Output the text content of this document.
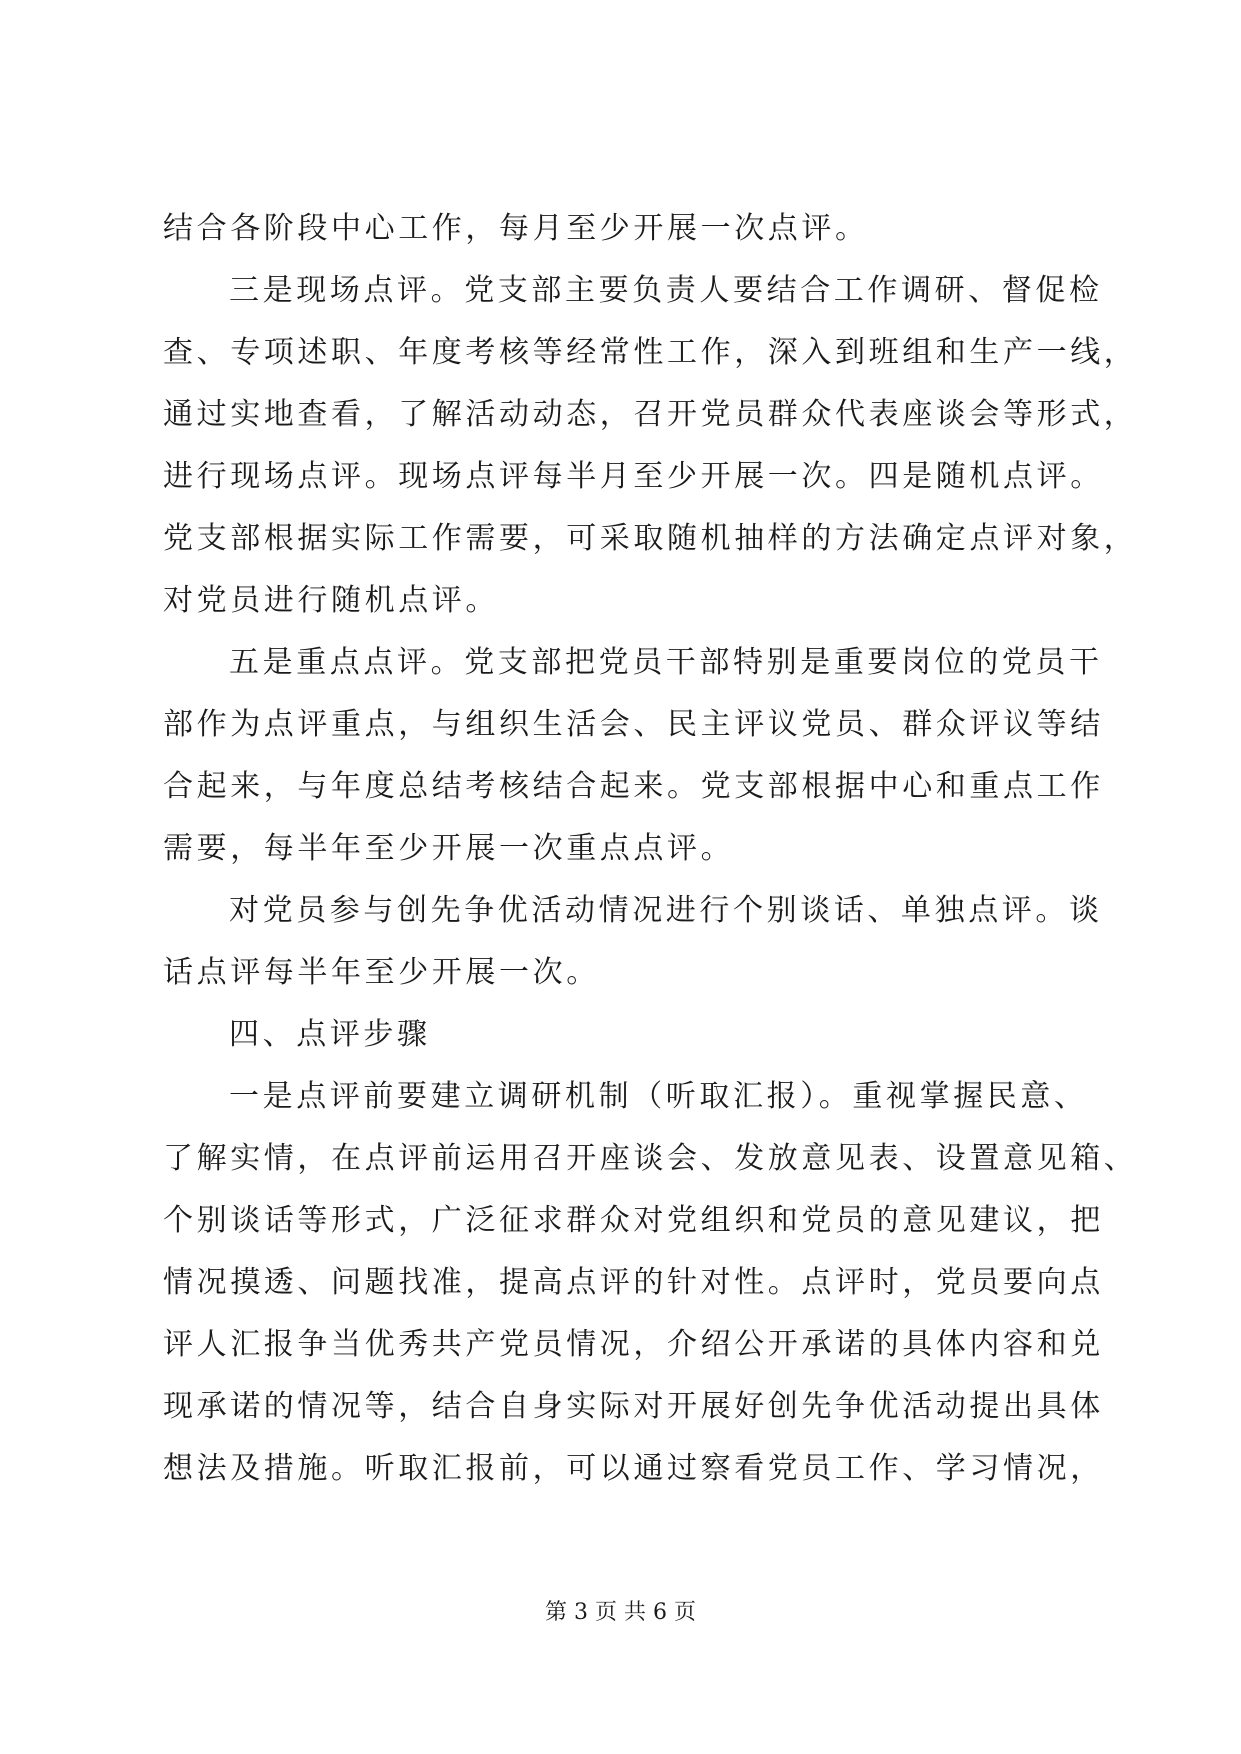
结合各阶段中心工作，每月至少开展一次点评。
三是现场点评。党支部主要负责人要结合工作调研、督促检
查、专项述职、年度考核等经常性工作，深入到班组和生产一线，
通过实地查看，了解活动动态，召开党员群众代表座谈会等形式，
进行现场点评。现场点评每半月至少开展一次。四是随机点评。
党支部根据实际工作需要，可采取随机抽样的方法确定点评对象，
对党员进行随机点评。
五是重点点评。党支部把党员干部特别是重要岗位的党员干
部作为点评重点，与组织生活会、民主评议党员、群众评议等结
合起来，与年度总结考核结合起来。党支部根据中心和重点工作
需要，每半年至少开展一次重点点评。
对党员参与创先争优活动情况进行个别谈话、单独点评。谈
话点评每半年至少开展一次。
四、点评步骤
一是点评前要建立调研机制（听取汇报）。重视掌握民意、
了解实情，在点评前运用召开座谈会、发放意见表、设置意见箱、
个别谈话等形式，广泛征求群众对党组织和党员的意见建议，把
情况摸透、问题找准，提高点评的针对性。点评时，党员要向点
评人汇报争当优秀共产党员情况，介绍公开承诺的具体内容和兑
现承诺的情况等，结合自身实际对开展好创先争优活动提出具体
想法及措施。听取汇报前，可以通过察看党员工作、学习情况，
第 3 页 共 6 页
